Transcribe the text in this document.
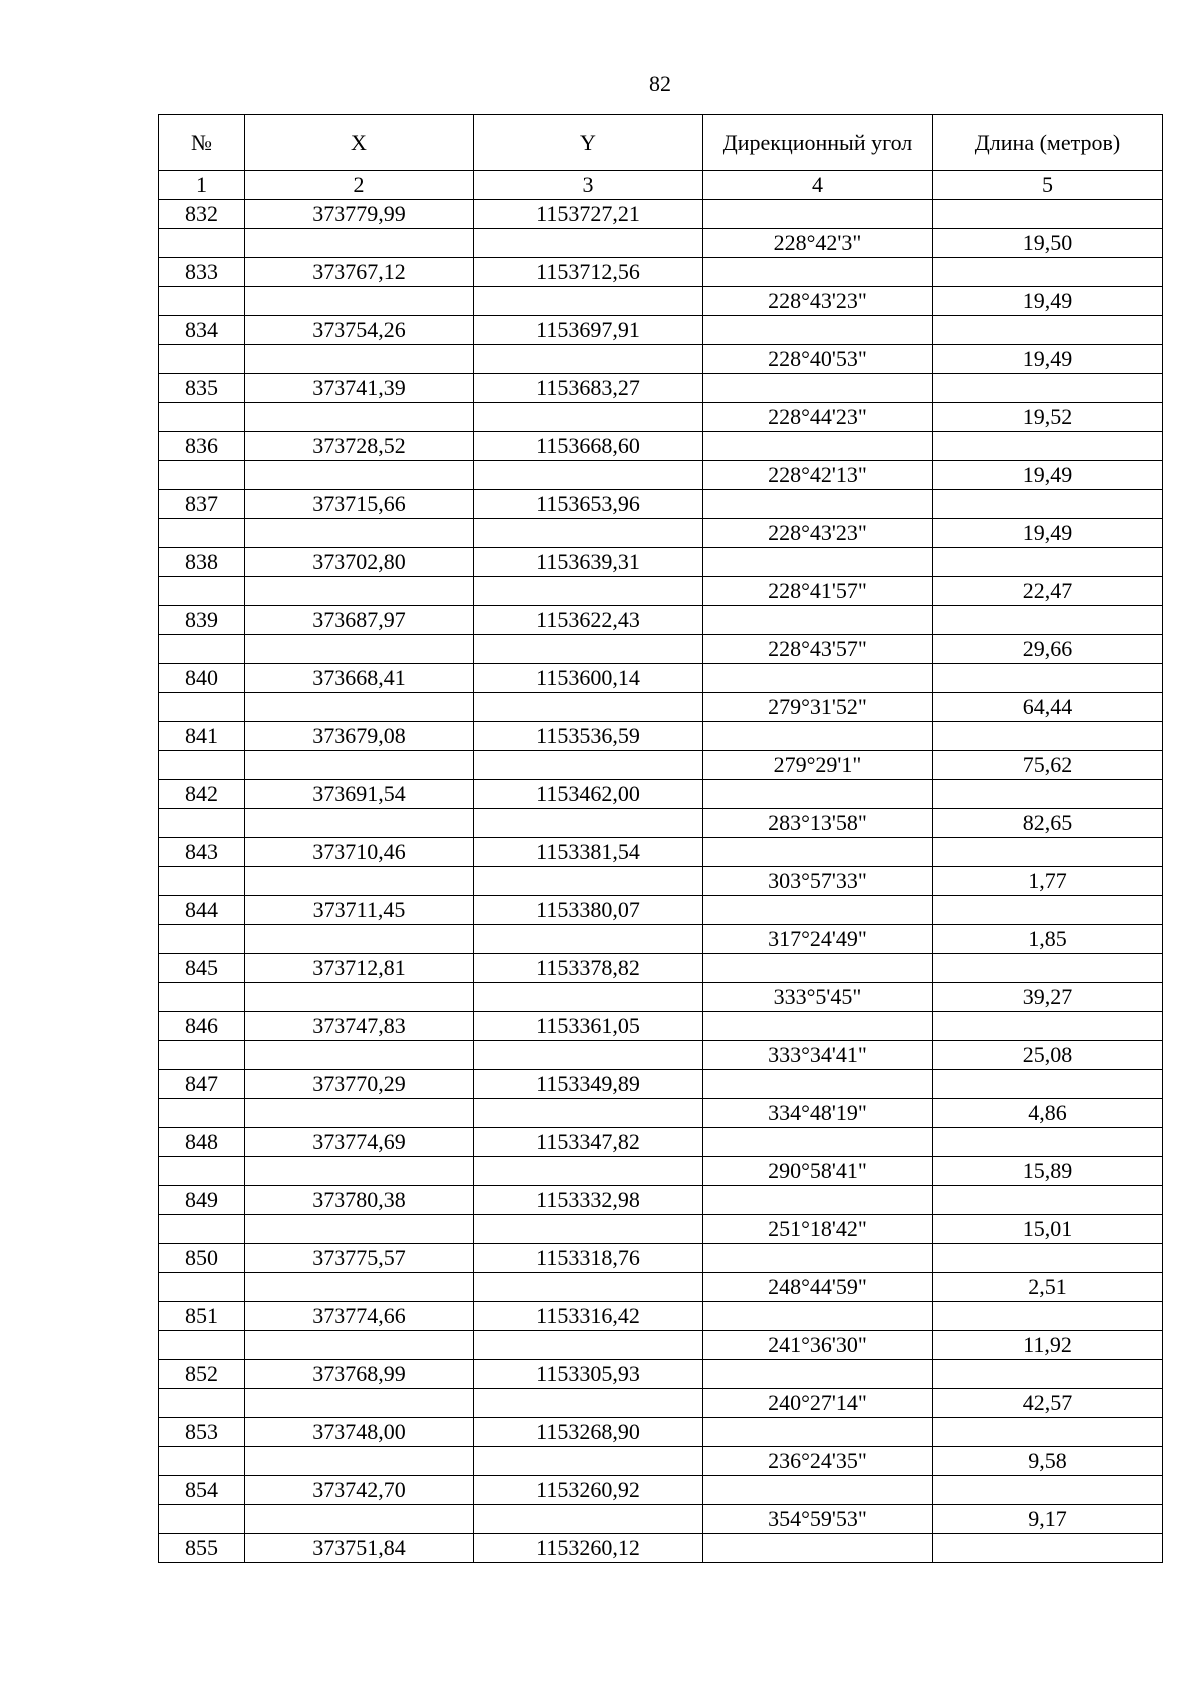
82
№	X	Y	Дирекционный угол	Длина (метров)
1	2	3	4	5
832	373779,99	1153727,21		
			228°42'3"	19,50
833	373767,12	1153712,56		
			228°43'23"	19,49
834	373754,26	1153697,91		
			228°40'53"	19,49
835	373741,39	1153683,27		
			228°44'23"	19,52
836	373728,52	1153668,60		
			228°42'13"	19,49
837	373715,66	1153653,96		
			228°43'23"	19,49
838	373702,80	1153639,31		
			228°41'57"	22,47
839	373687,97	1153622,43		
			228°43'57"	29,66
840	373668,41	1153600,14		
			279°31'52"	64,44
841	373679,08	1153536,59		
			279°29'1"	75,62
842	373691,54	1153462,00		
			283°13'58"	82,65
843	373710,46	1153381,54		
			303°57'33"	1,77
844	373711,45	1153380,07		
			317°24'49"	1,85
845	373712,81	1153378,82		
			333°5'45"	39,27
846	373747,83	1153361,05		
			333°34'41"	25,08
847	373770,29	1153349,89		
			334°48'19"	4,86
848	373774,69	1153347,82		
			290°58'41"	15,89
849	373780,38	1153332,98		
			251°18'42"	15,01
850	373775,57	1153318,76		
			248°44'59"	2,51
851	373774,66	1153316,42		
			241°36'30"	11,92
852	373768,99	1153305,93		
			240°27'14"	42,57
853	373748,00	1153268,90		
			236°24'35"	9,58
854	373742,70	1153260,92		
			354°59'53"	9,17
855	373751,84	1153260,12		
